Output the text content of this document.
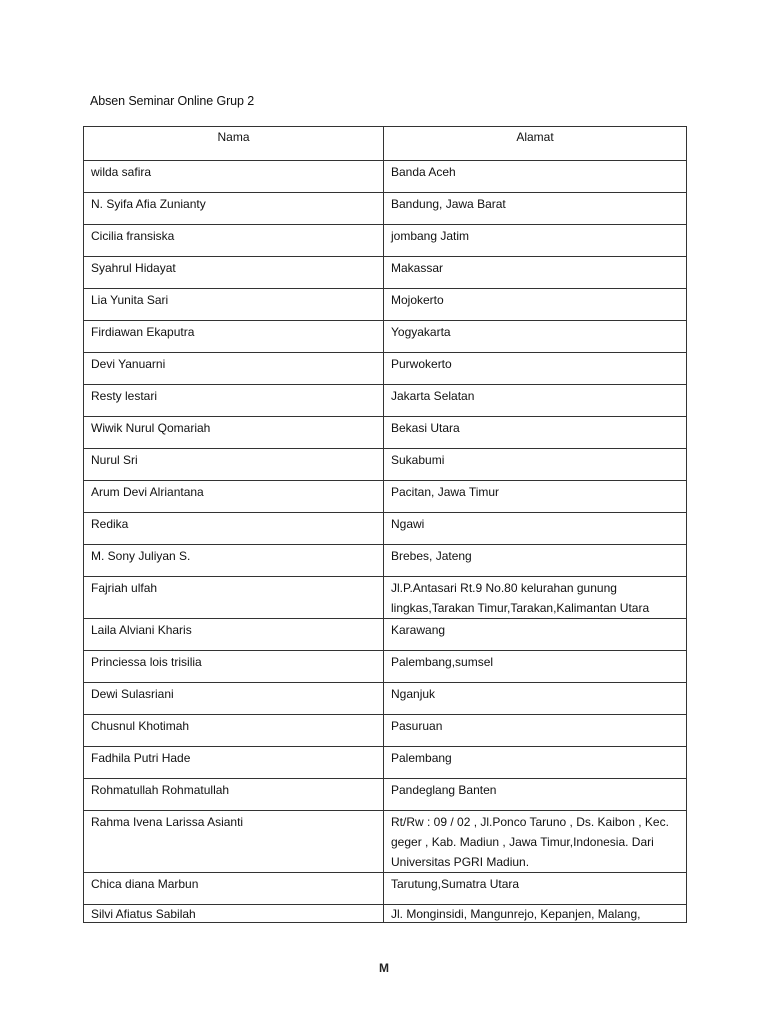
Absen Seminar Online Grup 2
Nama	Alamat

wilda safira	Banda Aceh

N. Syifa Afia Zunianty	Bandung, Jawa Barat

Cicilia fransiska	jombang Jatim

Syahrul Hidayat	Makassar

Lia Yunita Sari	Mojokerto

Firdiawan Ekaputra	Yogyakarta

Devi Yanuarni	Purwokerto

Resty lestari	Jakarta Selatan

Wiwik Nurul Qomariah	Bekasi Utara

Nurul Sri	Sukabumi

Arum Devi Alriantana	Pacitan, Jawa Timur

Redika	Ngawi

M. Sony Juliyan S.	Brebes, Jateng

Fajriah ulfah	Jl.P.Antasari Rt.9 No.80 kelurahan gunung lingkas,Tarakan Timur,Tarakan,Kalimantan Utara

Laila Alviani Kharis	Karawang

Princiessa lois trisilia	Palembang,sumsel

Dewi Sulasriani	Nganjuk

Chusnul Khotimah	Pasuruan

Fadhila Putri Hade	Palembang

Rohmatullah Rohmatullah	Pandeglang Banten

Rahma Ivena Larissa Asianti	Rt/Rw : 09 / 02 , Jl.Ponco Taruno , Ds. Kaibon , Kec. geger , Kab. Madiun , Jawa Timur,Indonesia. Dari Universitas PGRI Madiun.

Chica diana Marbun	Tarutung,Sumatra Utara

Silvi Afiatus Sabilah	Jl. Monginsidi, Mangunrejo, Kepanjen, Malang,
M
